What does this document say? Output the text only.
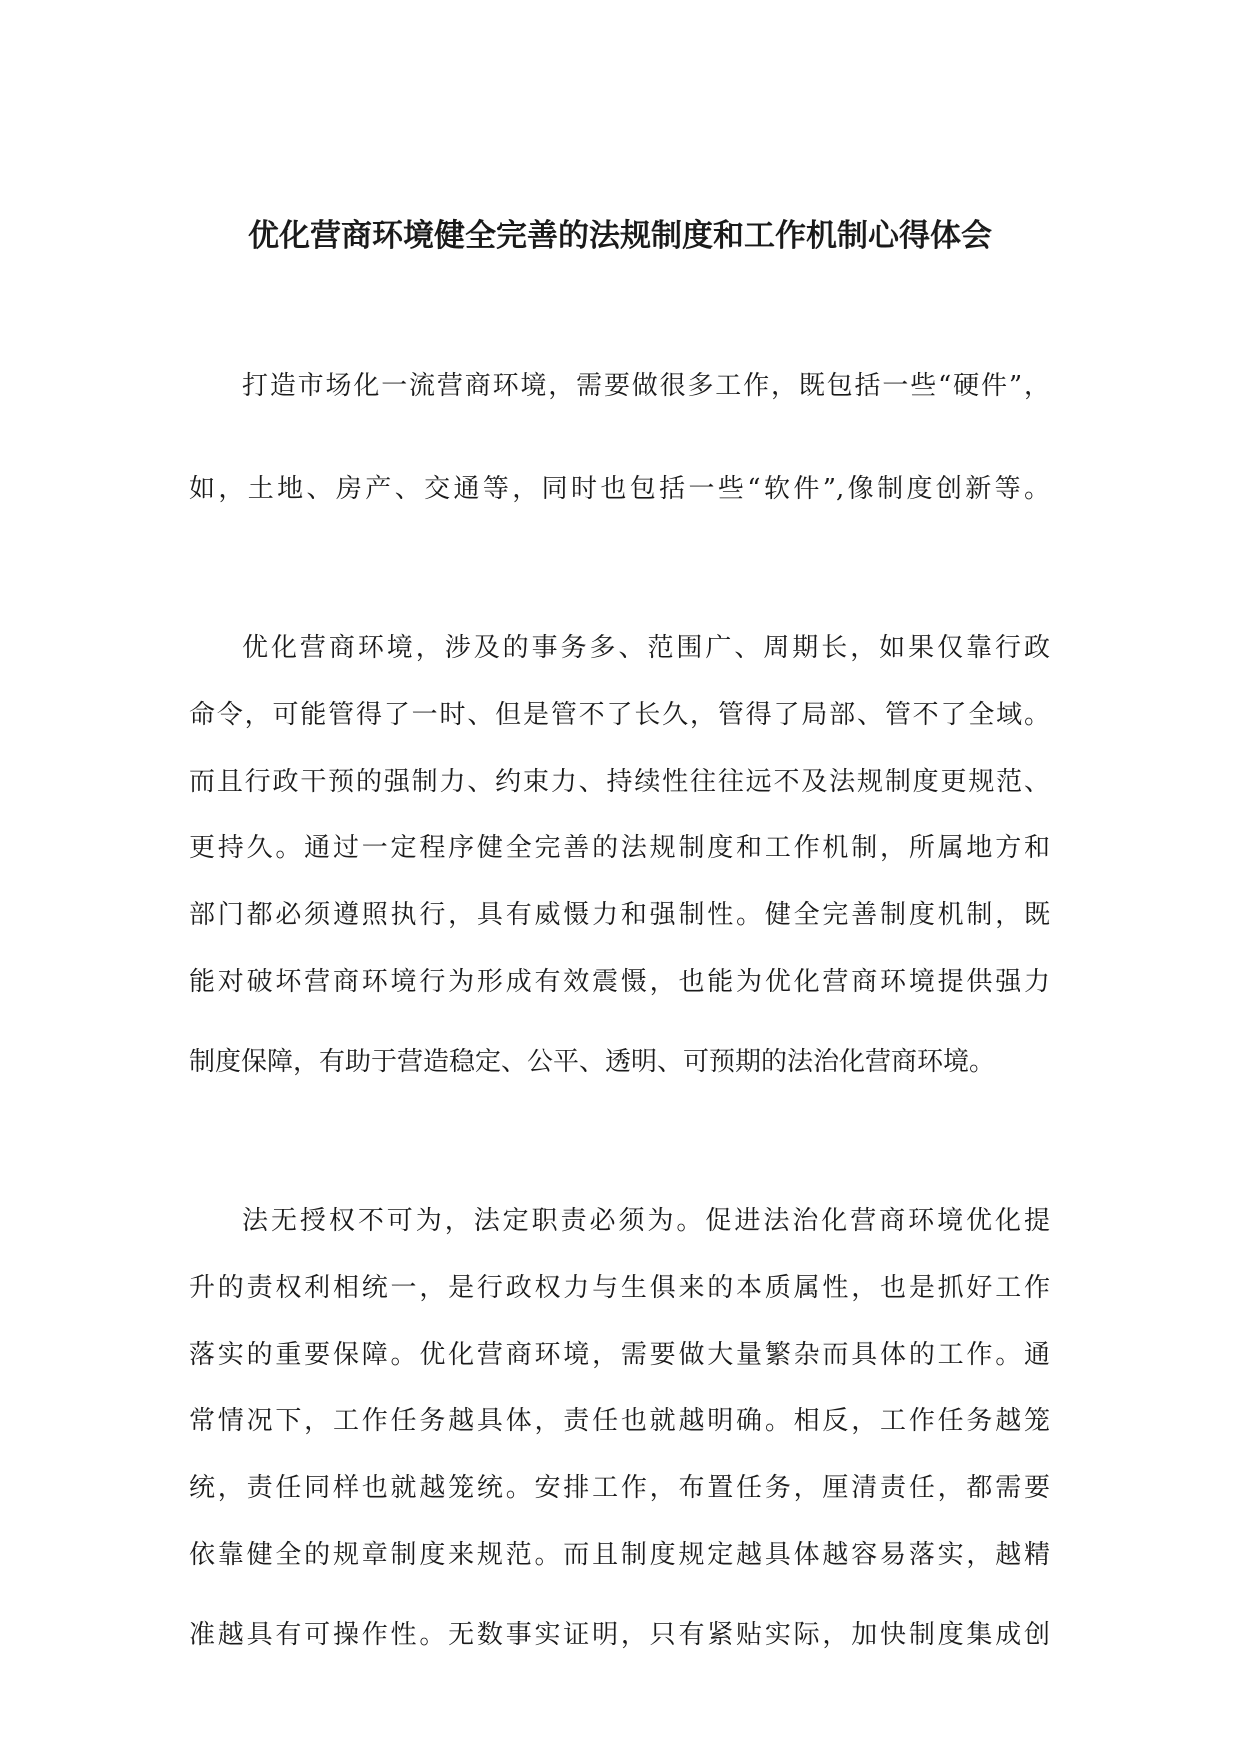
优化营商环境健全完善的法规制度和工作机制心得体会
打造市场化一流营商环境，需要做很多工作，既包括一些“硬件”，
如，土地、房产、交通等，同时也包括一些“软件”,像制度创新等。
优化营商环境，涉及的事务多、范围广、周期长，如果仅靠行政
命令，可能管得了一时、但是管不了长久，管得了局部、管不了全域。
而且行政干预的强制力、约束力、持续性往往远不及法规制度更规范、
更持久。通过一定程序健全完善的法规制度和工作机制，所属地方和
部门都必须遵照执行，具有威慑力和强制性。健全完善制度机制，既
能对破坏营商环境行为形成有效震慑，也能为优化营商环境提供强力
制度保障，有助于营造稳定、公平、透明、可预期的法治化营商环境。
法无授权不可为，法定职责必须为。促进法治化营商环境优化提
升的责权利相统一，是行政权力与生俱来的本质属性，也是抓好工作
落实的重要保障。优化营商环境，需要做大量繁杂而具体的工作。通
常情况下，工作任务越具体，责任也就越明确。相反，工作任务越笼
统，责任同样也就越笼统。安排工作，布置任务，厘清责任，都需要
依靠健全的规章制度来规范。而且制度规定越具体越容易落实，越精
准越具有可操作性。无数事实证明，只有紧贴实际，加快制度集成创
